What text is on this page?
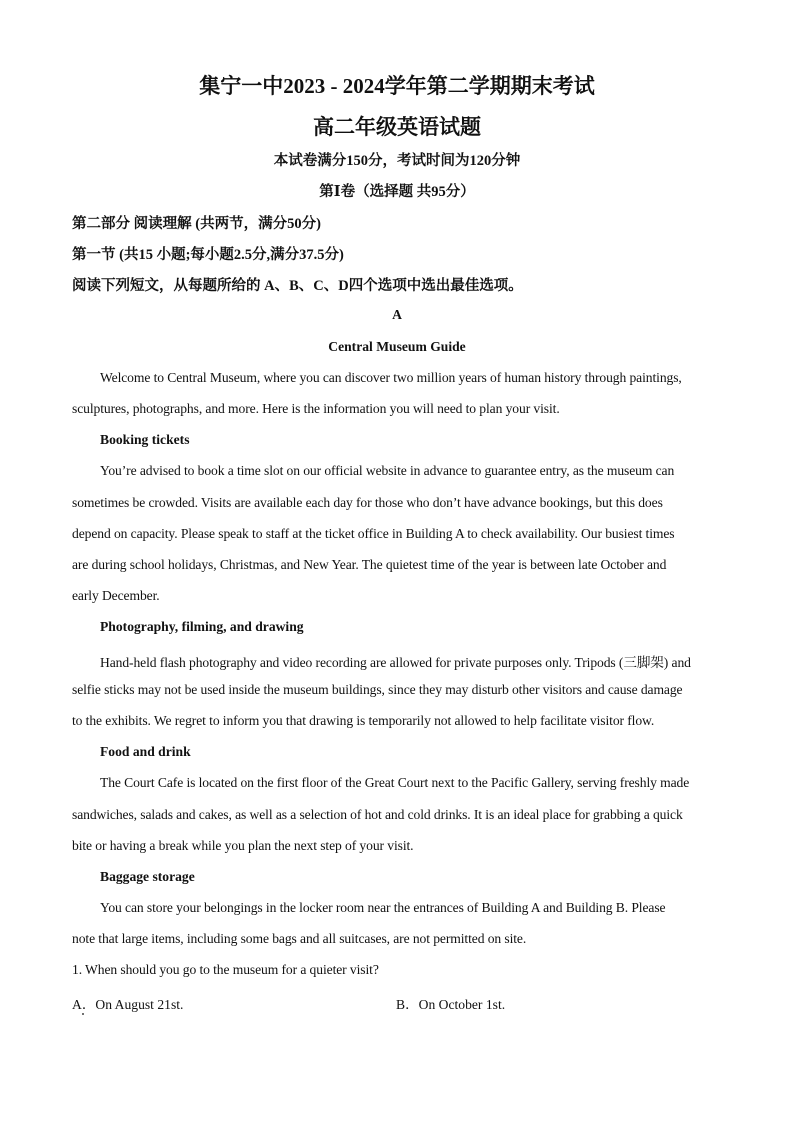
集宁一中2023 - 2024学年第二学期期末考试
高二年级英语试题
本试卷满分150分，考试时间为120分钟
第Ⅰ卷（选择题 共95分）
第二部分 阅读理解 (共两节，满分50分)
第一节 (共15 小题;每小题2.5分,满分37.5分)
阅读下列短文，从每题所给的 A、B、C、D四个选项中选出最佳选项。
A
Central Museum Guide
Welcome to Central Museum, where you can discover two million years of human history through paintings,
sculptures, photographs, and more. Here is the information you will need to plan your visit.
Booking tickets
You’re advised to book a time slot on our official website in advance to guarantee entry, as the museum can
sometimes be crowded. Visits are available each day for those who don’t have advance bookings, but this does
depend on capacity. Please speak to staff at the ticket office in Building A to check availability. Our busiest times
are during school holidays, Christmas, and New Year. The quietest time of the year is between late October and
early December.
Photography, filming, and drawing
Hand-held flash photography and video recording are allowed for private purposes only. Tripods (三脚架) and
selfie sticks may not be used inside the museum buildings, since they may disturb other visitors and cause damage
to the exhibits. We regret to inform you that drawing is temporarily not allowed to help facilitate visitor flow.
Food and drink
The Court Cafe is located on the first floor of the Great Court next to the Pacific Gallery, serving freshly made
sandwiches, salads and cakes, as well as a selection of hot and cold drinks. It is an ideal place for grabbing a quick
bite or having a break while you plan the next step of your visit.
Baggage storage
You can store your belongings in the locker room near the entrances of Building A and Building B. Please
note that large items, including some bags and all suitcases, are not permitted on site.
1. When should you go to the museum for a quieter visit?
A．On August 21st.	B．On October 1st.
